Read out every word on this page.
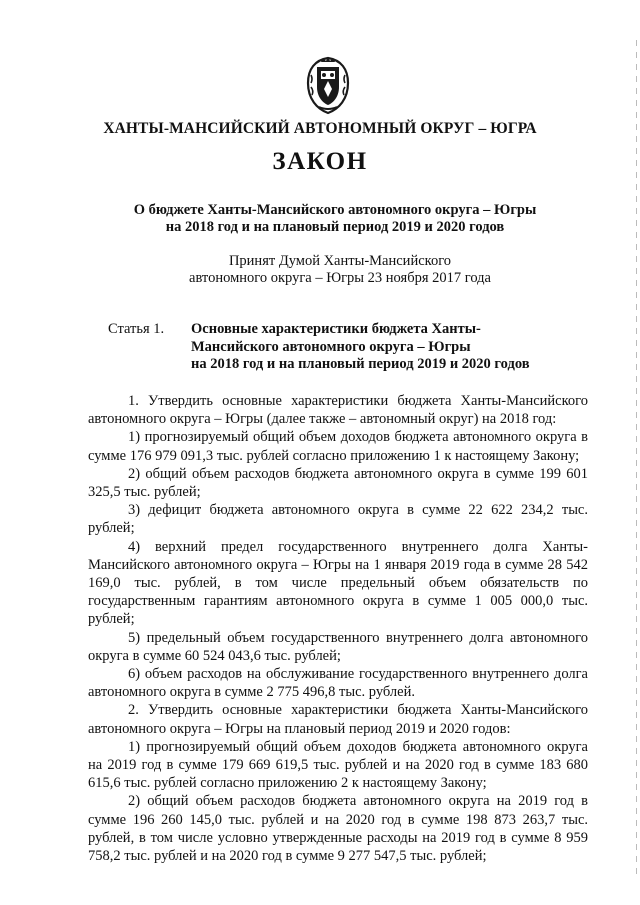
ХАНТЫ-МАНСИЙСКИЙ АВТОНОМНЫЙ ОКРУГ – ЮГРА
ЗАКОН
О бюджете Ханты-Мансийского автономного округа – Югры
на 2018 год и на плановый период 2019 и 2020 годов
Принят Думой Ханты-Мансийского
автономного округа – Югры 23 ноября 2017 года
Статья 1.	Основные характеристики бюджета Ханты-
Мансийского автономного округа – Югры
на 2018 год и на плановый период 2019 и 2020 годов

1. Утвердить основные характеристики бюджета Ханты-Мансийского автономного округа – Югры (далее также – автономный округ) на 2018 год:

1) прогнозируемый общий объем доходов бюджета автономного округа в сумме 176 979 091,3 тыс. рублей согласно приложению 1 к настоящему Закону;

2) общий объем расходов бюджета автономного округа в сумме 199 601 325,5 тыс. рублей;

3) дефицит бюджета автономного округа в сумме 22 622 234,2 тыс. рублей;

4) верхний предел государственного внутреннего долга Ханты-Мансийского автономного округа – Югры на 1 января 2019 года в сумме 28 542 169,0 тыс. рублей, в том числе предельный объем обязательств по государственным гарантиям автономного округа в сумме 1 005 000,0 тыс. рублей;

5) предельный объем государственного внутреннего долга автономного округа в сумме 60 524 043,6 тыс. рублей;

6) объем расходов на обслуживание государственного внутреннего долга автономного округа в сумме 2 775 496,8 тыс. рублей.

2. Утвердить основные характеристики бюджета Ханты-Мансийского автономного округа – Югры на плановый период 2019 и 2020 годов:

1) прогнозируемый общий объем доходов бюджета автономного округа на 2019 год в сумме 179 669 619,5 тыс. рублей и на 2020 год в сумме 183 680 615,6 тыс. рублей согласно приложению 2 к настоящему Закону;

2) общий объем расходов бюджета автономного округа на 2019 год в сумме 196 260 145,0 тыс. рублей и на 2020 год в сумме 198 873 263,7 тыс. рублей, в том числе условно утвержденные расходы на 2019 год в сумме 8 959 758,2 тыс. рублей и на 2020 год в сумме 9 277 547,5 тыс. рублей;
